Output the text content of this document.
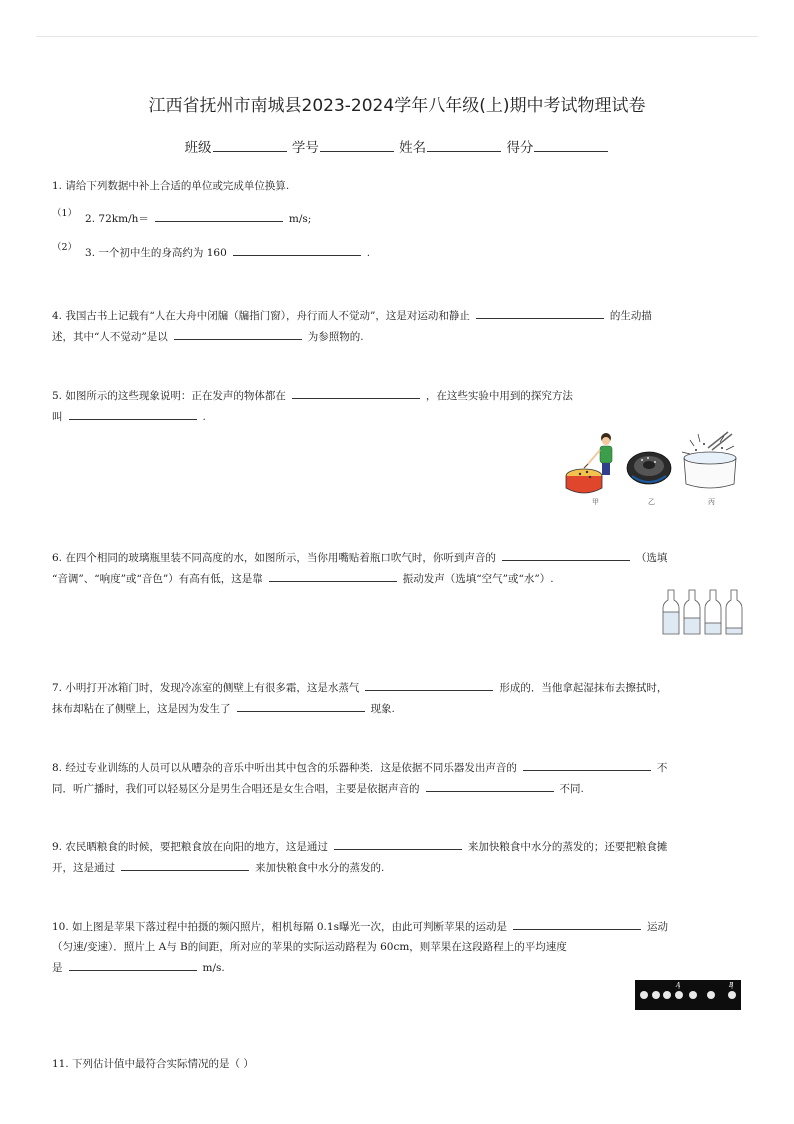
江西省抚州市南城县2023-2024学年八年级(上)期中考试物理试卷
班级	学号	姓名	得分
1. 请给下列数据中补上合适的单位或完成单位换算.
（1） 2. 72km/h＝	m/s;
（2） 3. 一个初中生的身高约为 160	.
4. 我国古书上记载有“人在大舟中闭牖（牖指门窗），舟行而人不觉动”，这是对运动和静止	的生动描
述，其中“人不觉动”是以	为参照物的.
5. 如图所示的这些现象说明：正在发声的物体都在	，在这些实验中用到的探究方法
叫	.
甲	乙	丙
6. 在四个相同的玻璃瓶里装不同高度的水，如图所示，当你用嘴贴着瓶口吹气时，你听到声音的	（选填
“音调”、“响度”或“音色”）有高有低，这是靠	振动发声（选填“空气”或“水”）.
7. 小明打开冰箱门时，发现冷冻室的侧壁上有很多霜，这是水蒸气	形成的．当他拿起湿抹布去擦拭时，
抹布却粘在了侧壁上，这是因为发生了	现象.
8. 经过专业训练的人员可以从嘈杂的音乐中听出其中包含的乐器种类．这是依据不同乐器发出声音的	不
同．听广播时，我们可以轻易区分是男生合唱还是女生合唱，主要是依据声音的	不同.
9. 农民晒粮食的时候，要把粮食放在向阳的地方，这是通过	来加快粮食中水分的蒸发的；还要把粮食摊
开，这是通过	来加快粮食中水分的蒸发的.
10. 如上图是苹果下落过程中拍摄的频闪照片，相机每隔 0.1s曝光一次，由此可判断苹果的运动是	运动
（匀速/变速）．照片上 A与 B的间距，所对应的苹果的实际运动路程为 60cm，则苹果在这段路程上的平均速度
是	m/s.
A	B
11. 下列估计值中最符合实际情况的是（ ）
